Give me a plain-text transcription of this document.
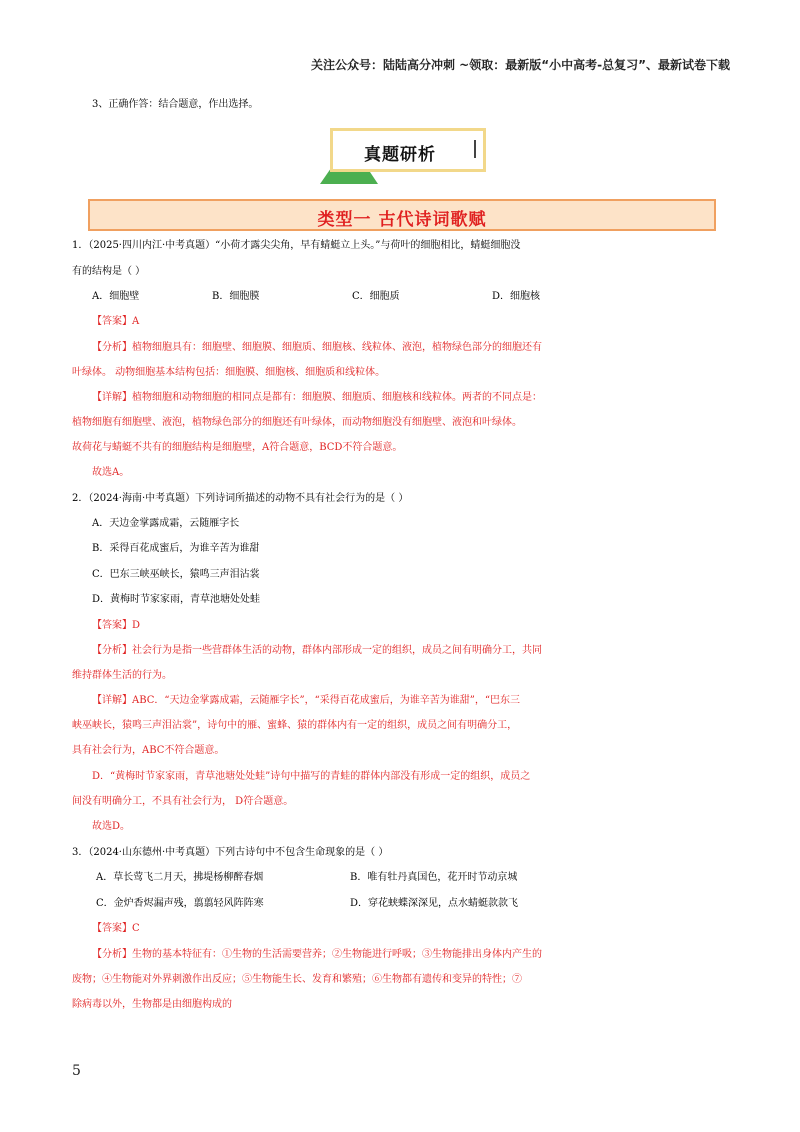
关注公众号：陆陆高分冲刺 ~领取：最新版“小中高考-总复习”、最新试卷下载
3、正确作答：结合题意，作出选择。
真题研析
类型一 古代诗词歌赋
1．（2025·四川内江·中考真题）“小荷才露尖尖角，早有蜻蜓立上头。”与荷叶的细胞相比，蜻蜓细胞没
有的结构是（ ）
A．细胞壁	B．细胞膜	C．细胞质	D．细胞核
【答案】A
【分析】植物细胞具有：细胞壁、细胞膜、细胞质、细胞核、线粒体、液泡，植物绿色部分的细胞还有
叶绿体。 动物细胞基本结构包括：细胞膜、细胞核、细胞质和线粒体。
【详解】植物细胞和动物细胞的相同点是都有：细胞膜、细胞质、细胞核和线粒体。两者的不同点是：
植物细胞有细胞壁、液泡，植物绿色部分的细胞还有叶绿体，而动物细胞没有细胞壁、液泡和叶绿体。
故荷花与蜻蜓不共有的细胞结构是细胞壁，A符合题意，BCD不符合题意。
故选A。
2．（2024·海南·中考真题）下列诗词所描述的动物不具有社会行为的是（ ）
A．天边金掌露成霜，云随雁字长
B．采得百花成蜜后，为谁辛苦为谁甜
C．巴东三峡巫峡长，猿鸣三声泪沾裳
D．黄梅时节家家雨，青草池塘处处蛙
【答案】D
【分析】社会行为是指一些营群体生活的动物，群体内部形成一定的组织，成员之间有明确分工，共同
维持群体生活的行为。
【详解】ABC．“天边金掌露成霜，云随雁字长”，“采得百花成蜜后，为谁辛苦为谁甜”，“巴东三
峡巫峡长，猿鸣三声泪沾裳”，诗句中的雁、蜜蜂、猿的群体内有一定的组织，成员之间有明确分工，
具有社会行为，ABC不符合题意。
D．“黄梅时节家家雨，青草池塘处处蛙”诗句中描写的青蛙的群体内部没有形成一定的组织，成员之
间没有明确分工，不具有社会行为， D符合题意。
故选D。
3．（2024·山东德州·中考真题）下列古诗句中不包含生命现象的是（ ）
A．草长莺飞二月天，拂堤杨柳醉春烟	B．唯有牡丹真国色，花开时节动京城
C．金炉香烬漏声残，翦翦轻风阵阵寒	D．穿花蛱蝶深深见，点水蜻蜓款款飞
【答案】C
【分析】生物的基本特征有：①生物的生活需要营养；②生物能进行呼吸；③生物能排出身体内产生的
废物；④生物能对外界刺激作出反应；⑤生物能生长、发育和繁殖；⑥生物都有遗传和变异的特性；⑦
除病毒以外，生物都是由细胞构成的
5
